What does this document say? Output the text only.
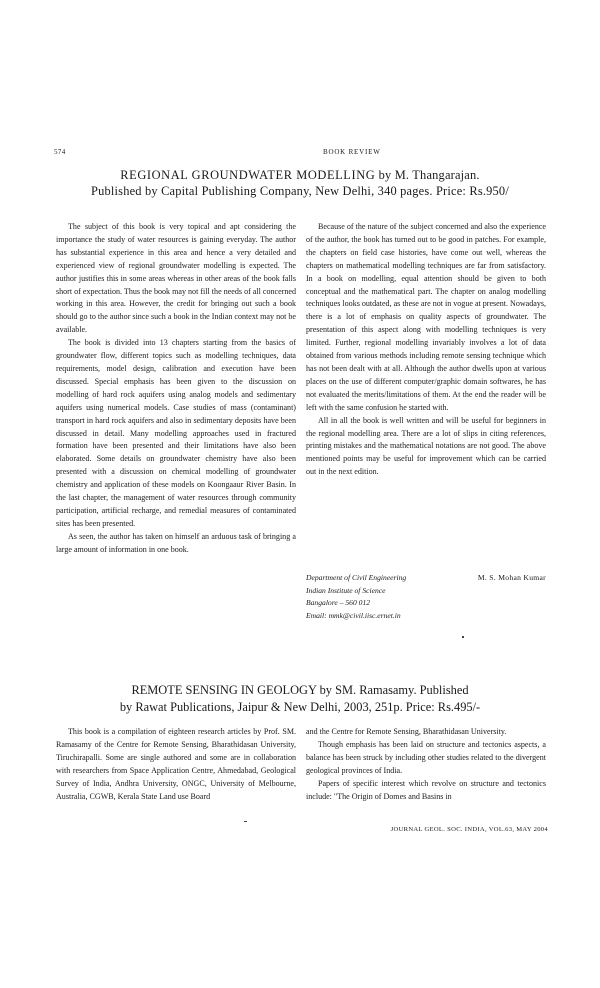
574	BOOK REVIEW
REGIONAL GROUNDWATER MODELLING by M. Thangarajan.
Published by Capital Publishing Company, New Delhi, 340 pages. Price: Rs.950/

The subject of this book is very topical and apt considering the importance the study of water resources is gaining everyday. The author has substantial experience in this area and hence a very detailed and experienced view of regional groundwater modelling is expected. The author justifies this in some areas whereas in other areas of the book falls short of expectation. Thus the book may not fill the needs of all concerned working in this area. However, the credit for bringing out such a book should go to the author since such a book in the Indian context may not be available.

The book is divided into 13 chapters starting from the basics of groundwater flow, different topics such as modelling techniques, data requirements, model design, calibration and execution have been discussed. Special emphasis has been given to the discussion on modelling of hard rock aquifers using analog models and sedimentary aquifers using numerical models. Case studies of mass (contaminant) transport in hard rock aquifers and also in sedimentary deposits have been discussed in detail. Many modelling approaches used in fractured formation have been presented and their limitations have also been elaborated. Some details on groundwater chemistry have also been presented with a discussion on chemical modelling of groundwater chemistry and application of these models on Koongaaur River Basin. In the last chapter, the management of water resources through community participation, artificial recharge, and remedial measures of contaminated sites has been presented.

As seen, the author has taken on himself an arduous task of bringing a large amount of information in one book.

Because of the nature of the subject concerned and also the experience of the author, the book has turned out to be good in patches. For example, the chapters on field case histories, have come out well, whereas the chapters on mathematical modelling techniques are far from satisfactory. In a book on modelling, equal attention should be given to both conceptual and the mathematical part. The chapter on analog modelling techniques looks outdated, as these are not in vogue at present. Nowadays, there is a lot of emphasis on quality aspects of groundwater. The presentation of this aspect along with modelling techniques is very limited. Further, regional modelling invariably involves a lot of data obtained from various methods including remote sensing technique which has not been dealt with at all. Although the author dwells upon at various places on the use of different computer/graphic domain softwares, he has not evaluated the merits/limitations of them. At the end the reader will be left with the same confusion he started with.

All in all the book is well written and will be useful for beginners in the regional modelling area. There are a lot of slips in citing references, printing mistakes and the mathematical notations are not good. The above mentioned points may be useful for improvement which can be carried out in the next edition.

Department of Civil Engineering
Indian Institute of Science
Bangalore – 560 012
Email: mmk@civil.iisc.ernet.in
M. S. Mohan Kumar
REMOTE SENSING IN GEOLOGY by SM. Ramasamy. Published
by Rawat Publications, Jaipur & New Delhi, 2003, 251p. Price: Rs.495/-

This book is a compilation of eighteen research articles by Prof. SM. Ramasamy of the Centre for Remote Sensing, Bharathidasan University, Tiruchirapalli. Some are single authored and some are in collaboration with researchers from Space Application Centre, Ahmedabad, Geological Survey of India, Andhra University, ONGC, University of Melbourne, Australia, CGWB, Kerala State Land use Board

and the Centre for Remote Sensing, Bharathidasan University.

Though emphasis has been laid on structure and tectonics aspects, a balance has been struck by including other studies related to the divergent geological provinces of India.

Papers of specific interest which revolve on structure and tectonics include: "The Origin of Domes and Basins in

JOURNAL GEOL. SOC. INDIA, VOL.63, MAY 2004
